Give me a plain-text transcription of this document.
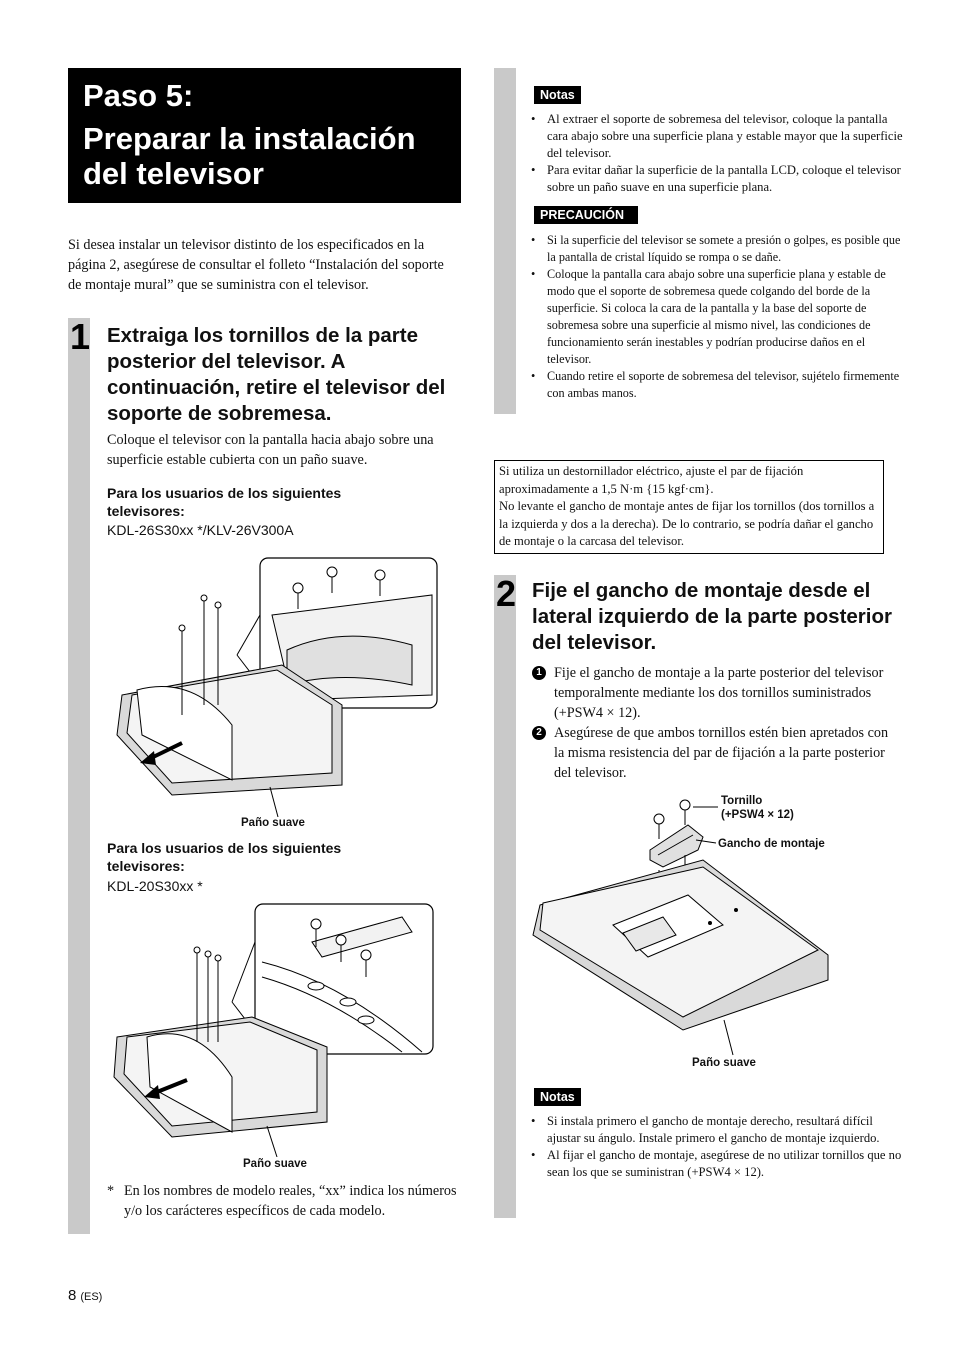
Paso 5:
Preparar la instalación
del televisor
Si desea instalar un televisor distinto de los especificados en la página 2, asegúrese de consultar el folleto “Instalación del soporte de montaje mural” que se suministra con el televisor.
1 Extraiga los tornillos de la parte posterior del televisor. A continuación, retire el televisor del soporte de sobremesa.
Coloque el televisor con la pantalla hacia abajo sobre una superficie estable cubierta con un paño suave.
Para los usuarios de los siguientes televisores:
KDL-26S30xx */KLV-26V300A
Paño suave
Para los usuarios de los siguientes televisores:
KDL-20S30xx *
Paño suave
* En los nombres de modelo reales, “xx” indica los números y/o los carácteres específicos de cada modelo.
Notas
• Al extraer el soporte de sobremesa del televisor, coloque la pantalla cara abajo sobre una superficie plana y estable mayor que la superficie del televisor.
• Para evitar dañar la superficie de la pantalla LCD, coloque el televisor sobre un paño suave en una superficie plana.
PRECAUCIÓN
• Si la superficie del televisor se somete a presión o golpes, es posible que la pantalla de cristal líquido se rompa o se dañe.
• Coloque la pantalla cara abajo sobre una superficie plana y estable de modo que el soporte de sobremesa quede colgando del borde de la superficie. Si coloca la cara de la pantalla y la base del soporte de sobremesa sobre una superficie al mismo nivel, las condiciones de funcionamiento serán inestables y podrían producirse daños en el televisor.
• Cuando retire el soporte de sobremesa del televisor, sujételo firmemente con ambas manos.
Si utiliza un destornillador eléctrico, ajuste el par de fijación aproximadamente a 1,5 N·m {15 kgf·cm}.
No levante el gancho de montaje antes de fijar los tornillos (dos tornillos a la izquierda y dos a la derecha). De lo contrario, se podría dañar el gancho de montaje o la carcasa del televisor.
2 Fije el gancho de montaje desde el lateral izquierdo de la parte posterior del televisor.
1 Fije el gancho de montaje a la parte posterior del televisor temporalmente mediante los dos tornillos suministrados (+PSW4 × 12).
2 Asegúrese de que ambos tornillos estén bien apretados con la misma resistencia del par de fijación a la parte posterior del televisor.
Tornillo
(+PSW4 × 12)
Gancho de montaje
Paño suave
Notas
• Si instala primero el gancho de montaje derecho, resultará difícil ajustar su ángulo. Instale primero el gancho de montaje izquierdo.
• Al fijar el gancho de montaje, asegúrese de no utilizar tornillos que no sean los que se suministran (+PSW4 × 12).
8 (ES)
